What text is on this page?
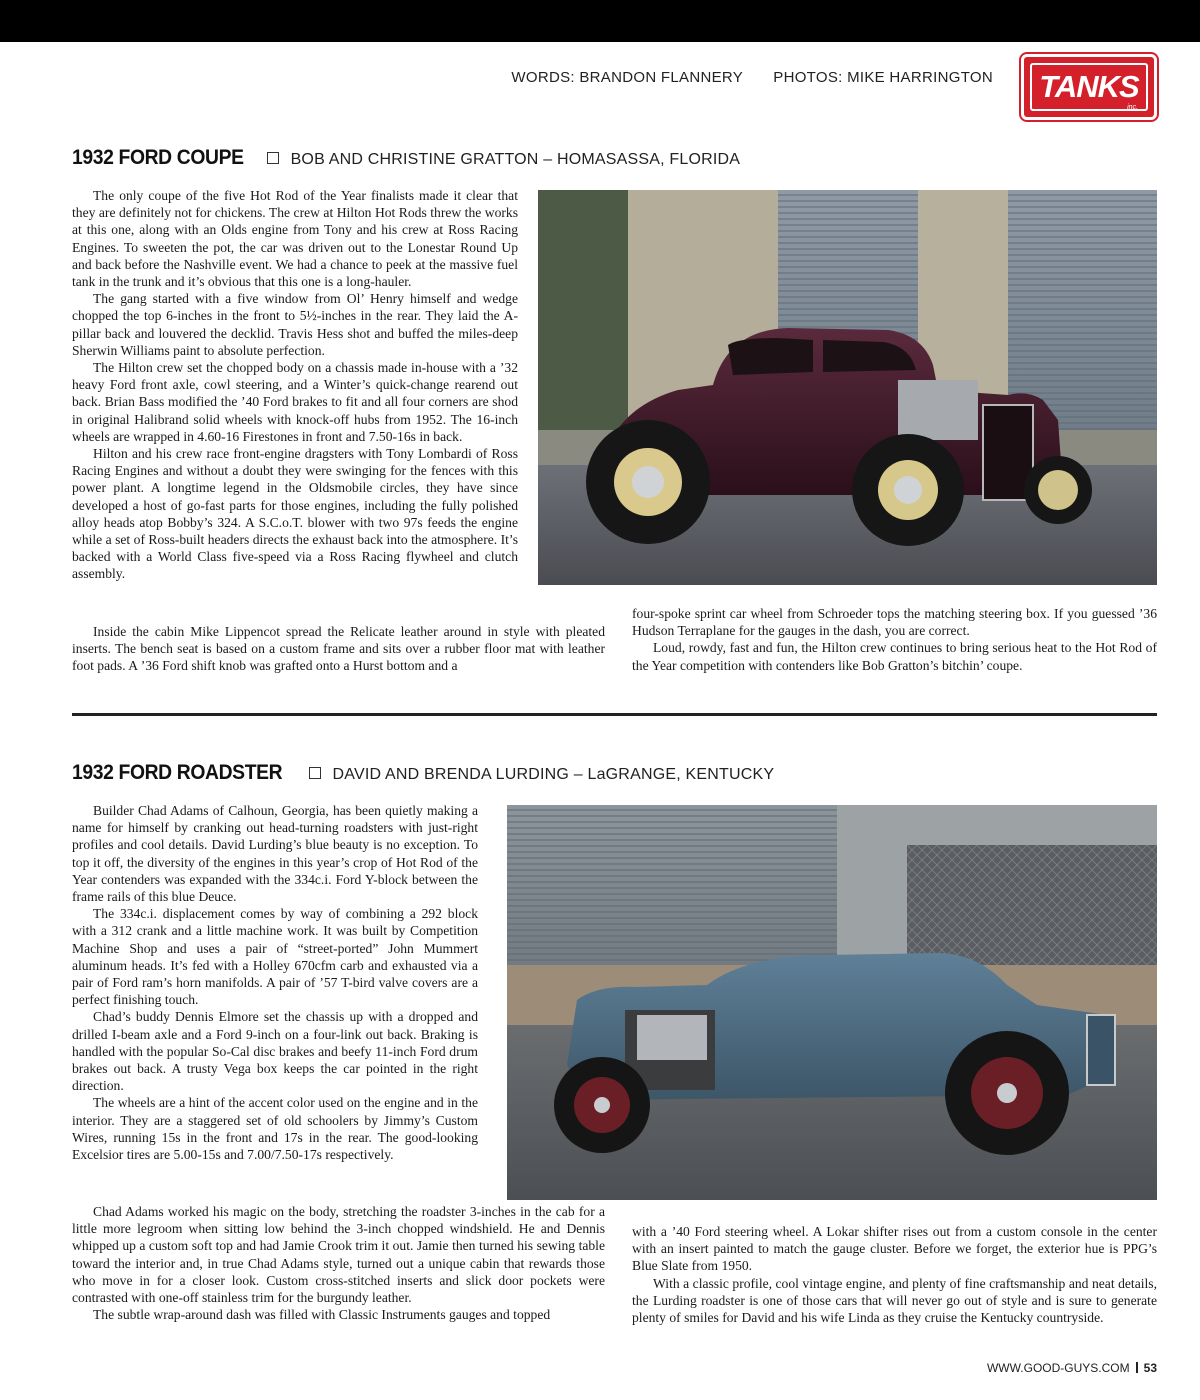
WORDS: BRANDON FLANNERY PHOTOS: MIKE HARRINGTON	TANKS
inc.
1932 FORD COUPE	BOB AND CHRISTINE GRATTON – HOMASASSA, FLORIDA

The only coupe of the five Hot Rod of the Year finalists made it clear that they are definitely not for chickens. The crew at Hilton Hot Rods threw the works at this one, along with an Olds engine from Tony and his crew at Ross Racing Engines. To sweeten the pot, the car was driven out to the Lonestar Round Up and back before the Nashville event. We had a chance to peek at the massive fuel tank in the trunk and it’s obvious that this one is a long-hauler.

The gang started with a five window from Ol’ Henry himself and wedge chopped the top 6-inches in the front to 5½-inches in the rear. They laid the A-pillar back and louvered the decklid. Travis Hess shot and buffed the miles-deep Sherwin Williams paint to absolute perfection.

The Hilton crew set the chopped body on a chassis made in-house with a ’32 heavy Ford front axle, cowl steering, and a Winter’s quick-change rearend out back. Brian Bass modified the ’40 Ford brakes to fit and all four corners are shod in original Halibrand solid wheels with knock-off hubs from 1952. The 16-inch wheels are wrapped in 4.60-16 Firestones in front and 7.50-16s in back.

Hilton and his crew race front-engine dragsters with Tony Lombardi of Ross Racing Engines and without a doubt they were swinging for the fences with this power plant. A longtime legend in the Oldsmobile circles, they have since developed a host of go-fast parts for those engines, including the fully polished alloy heads atop Bobby’s 324. A S.C.o.T. blower with two 97s feeds the engine while a set of Ross-built headers directs the exhaust back into the atmosphere. It’s backed with a World Class five-speed via a Ross Racing flywheel and clutch assembly.

Inside the cabin Mike Lippencot spread the Relicate leather around in style with pleated inserts. The bench seat is based on a custom frame and sits over a rubber floor mat with leather foot pads. A ’36 Ford shift knob was grafted onto a Hurst bottom and a

four-spoke sprint car wheel from Schroeder tops the matching steering box. If you guessed ’36 Hudson Terraplane for the gauges in the dash, you are correct.

Loud, rowdy, fast and fun, the Hilton crew continues to bring serious heat to the Hot Rod of the Year competition with contenders like Bob Gratton’s bitchin’ coupe.

1932 FORD ROADSTER	DAVID AND BRENDA LURDING – LaGRANGE, KENTUCKY

Builder Chad Adams of Calhoun, Georgia, has been quietly making a name for himself by cranking out head-turning roadsters with just-right profiles and cool details. David Lurding’s blue beauty is no exception. To top it off, the diversity of the engines in this year’s crop of Hot Rod of the Year contenders was expanded with the 334c.i. Ford Y-block between the frame rails of this blue Deuce.

The 334c.i. displacement comes by way of combining a 292 block with a 312 crank and a little machine work. It was built by Competition Machine Shop and uses a pair of “street-ported” John Mummert aluminum heads. It’s fed with a Holley 670cfm carb and exhausted via a pair of Ford ram’s horn manifolds. A pair of ’57 T-bird valve covers are a perfect finishing touch.

Chad’s buddy Dennis Elmore set the chassis up with a dropped and drilled I-beam axle and a Ford 9-inch on a four-link out back. Braking is handled with the popular So-Cal disc brakes and beefy 11-inch Ford drum brakes out back. A trusty Vega box keeps the car pointed in the right direction.

The wheels are a hint of the accent color used on the engine and in the interior. They are a staggered set of old schoolers by Jimmy’s Custom Wires, running 15s in the front and 17s in the rear. The good-looking Excelsior tires are 5.00-15s and 7.00/7.50-17s respectively.

Chad Adams worked his magic on the body, stretching the roadster 3-inches in the cab for a little more legroom when sitting low behind the 3-inch chopped windshield. He and Dennis whipped up a custom soft top and had Jamie Crook trim it out. Jamie then turned his sewing table toward the interior and, in true Chad Adams style, turned out a unique cabin that rewards those who move in for a closer look. Custom cross-stitched inserts and slick door pockets were contrasted with one-off stainless trim for the burgundy leather.

The subtle wrap-around dash was filled with Classic Instruments gauges and topped

with a ’40 Ford steering wheel. A Lokar shifter rises out from a custom console in the center with an insert painted to match the gauge cluster. Before we forget, the exterior hue is PPG’s Blue Slate from 1950.

With a classic profile, cool vintage engine, and plenty of fine craftsmanship and neat details, the Lurding roadster is one of those cars that will never go out of style and is sure to generate plenty of smiles for David and his wife Linda as they cruise the Kentucky countryside.

WWW.GOOD-GUYS.COM 53
